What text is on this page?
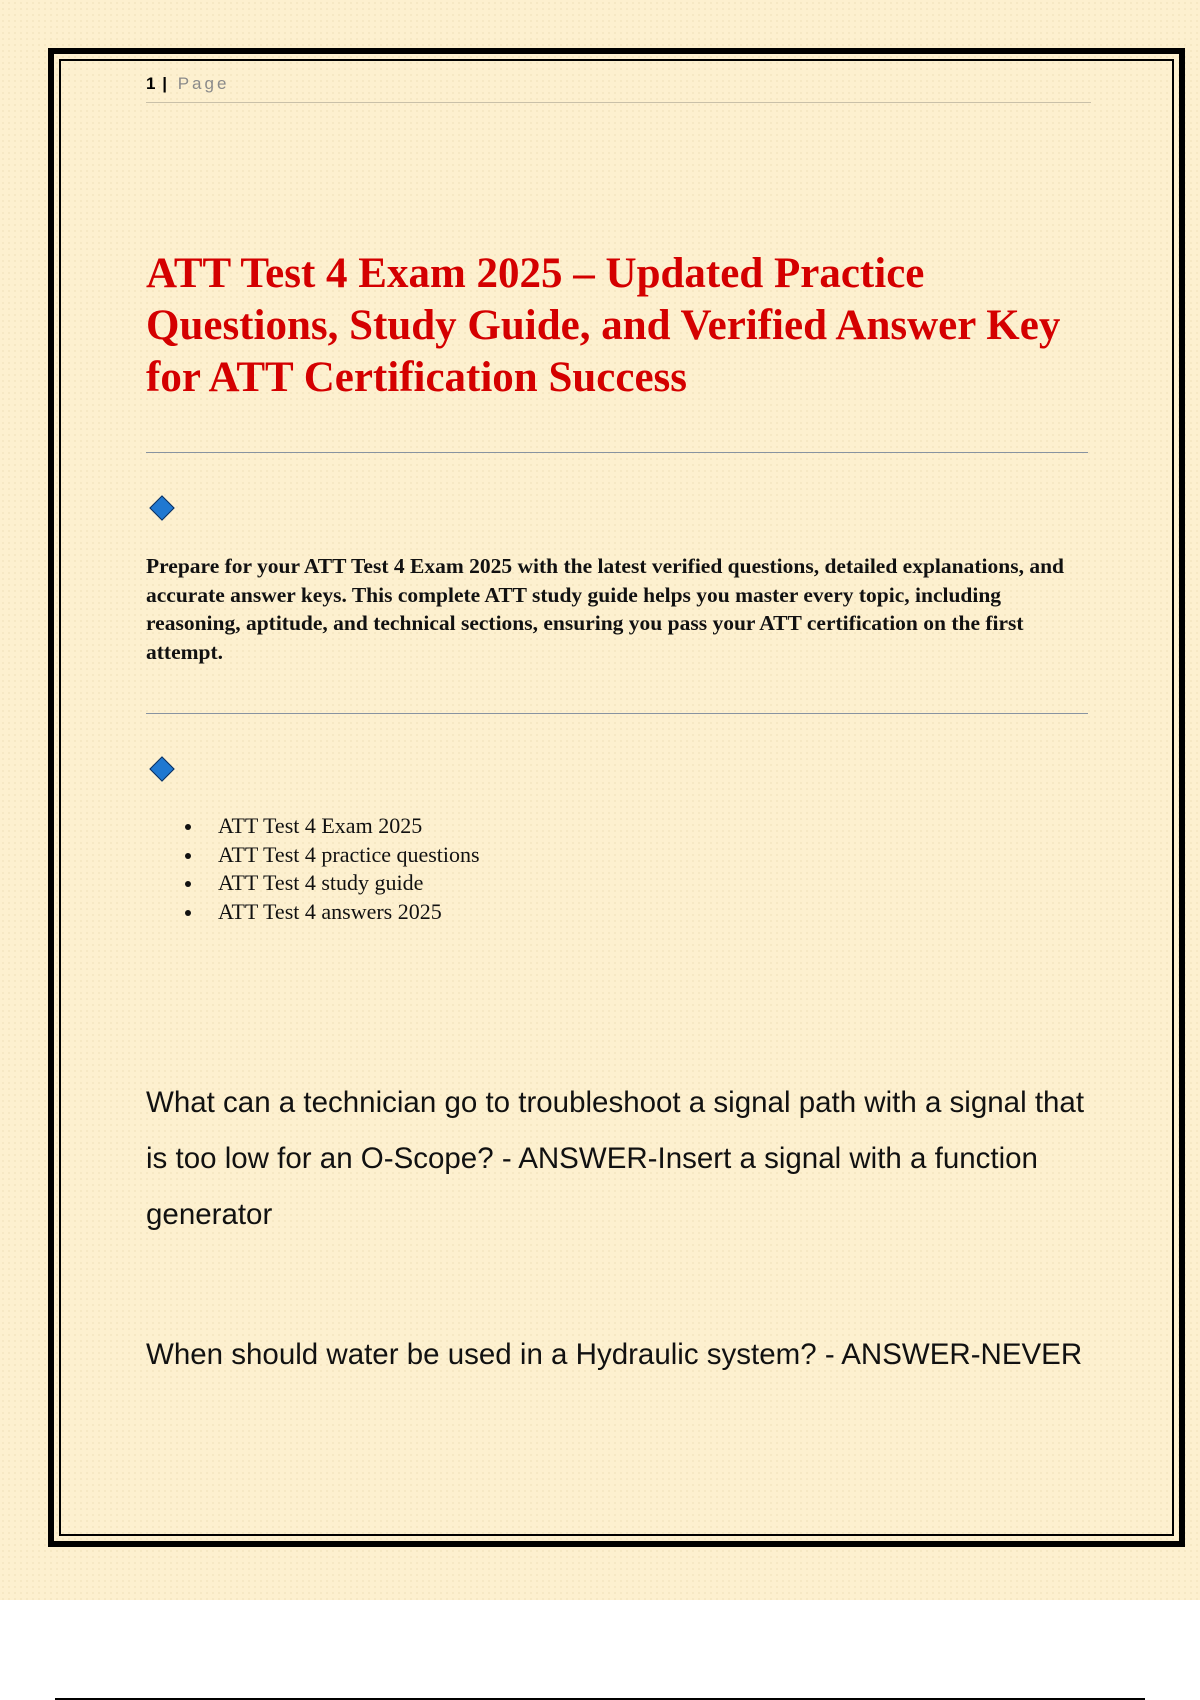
1 | Page
ATT Test 4 Exam 2025 – Updated Practice Questions, Study Guide, and Verified Answer Key for ATT Certification Success

Prepare for your ATT Test 4 Exam 2025 with the latest verified questions, detailed explanations, and accurate answer keys. This complete ATT study guide helps you master every topic, including reasoning, aptitude, and technical sections, ensuring you pass your ATT certification on the first attempt.

ATT Test 4 Exam 2025
ATT Test 4 practice questions
ATT Test 4 study guide
ATT Test 4 answers 2025

What can a technician go to troubleshoot a signal path with a signal that is too low for an O-Scope? - ANSWER-Insert a signal with a function generator

When should water be used in a Hydraulic system? - ANSWER-NEVER
